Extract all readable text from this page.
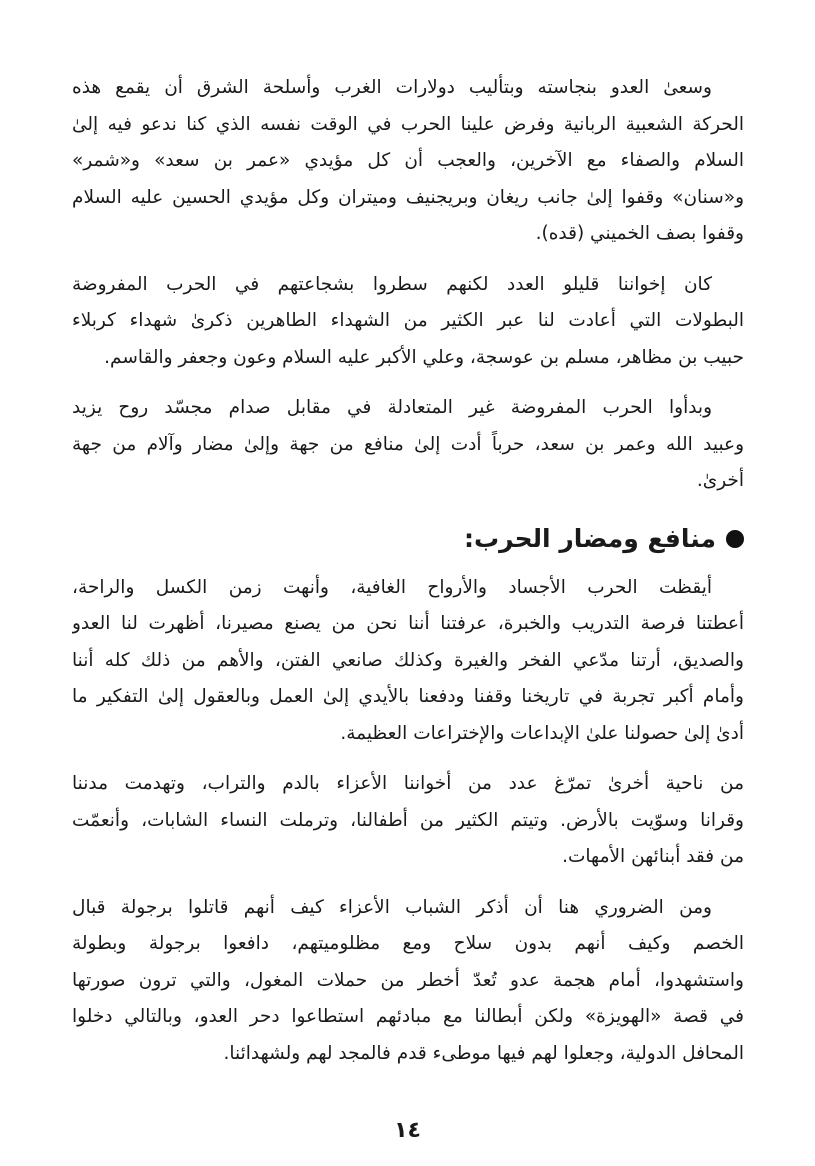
وسعىٰ العدو بنجاسته وبتأليب دولارات الغرب وأسلحة الشرق أن يقمع هذه
الحركة الشعبية الربانية وفرض علينا الحرب في الوقت نفسه الذي كنا ندعو فيه إلىٰ
السلام والصفاء مع الآخرين، والعجب أن كل مؤيدي «عمر بن سعد» و«شمر»
و«سنان» وقفوا إلىٰ جانب ريغان وبريجنيف وميتران وكل مؤيدي الحسين عليه السلام
وقفوا بصف الخميني (قده).
كان إخواننا قليلو العدد لكنهم سطروا بشجاعتهم في الحرب المفروضة
البطولات التي أعادت لنا عبر الكثير من الشهداء الطاهرين ذكرىٰ شهداء كربلاء
حبيب بن مظاهر، مسلم بن عوسجة، وعلي الأكبر عليه السلام وعون وجعفر والقاسم.
وبدأوا الحرب المفروضة غير المتعادلة في مقابل صدام مجسّد روح يزيد
وعبيد الله وعمر بن سعد، حرباً أدت إلىٰ منافع من جهة وإلىٰ مضار وآلام من جهة
أخرىٰ.
منافع ومضار الحرب:
أيقظت الحرب الأجساد والأرواح الغافية، وأنهت زمن الكسل والراحة،
أعطتنا فرصة التدريب والخبرة، عرفتنا أننا نحن من يصنع مصيرنا، أظهرت لنا العدو
والصديق، أرتنا مدّعي الفخر والغيرة وكذلك صانعي الفتن، والأهم من ذلك كله أننا
وأمام أكبر تجربة في تاريخنا وقفنا ودفعنا بالأيدي إلىٰ العمل وبالعقول إلىٰ التفكير ما
أدىٰ إلىٰ حصولنا علىٰ الإبداعات والإختراعات العظيمة.
من ناحية أخرىٰ تمرّغ عدد من أخواننا الأعزاء بالدم والتراب، وتهدمت مدننا
وقرانا وسوّيت بالأرض. وتيتم الكثير من أطفالنا، وترملت النساء الشابات، وأنعمّت
من فقد أبنائهن الأمهات.
ومن الضروري هنا أن أذكر الشباب الأعزاء كيف أنهم قاتلوا برجولة قبال
الخصم وكيف أنهم بدون سلاح ومع مظلوميتهم، دافعوا برجولة وبطولة
واستشهدوا، أمام هجمة عدو تُعدّ أخطر من حملات المغول، والتي ترون صورتها
في قصة «الهويزة» ولكن أبطالنا مع مبادئهم استطاعوا دحر العدو، وبالتالي دخلوا
المحافل الدولية، وجعلوا لهم فيها موطىء قدم فالمجد لهم ولشهدائنا.
١٤
